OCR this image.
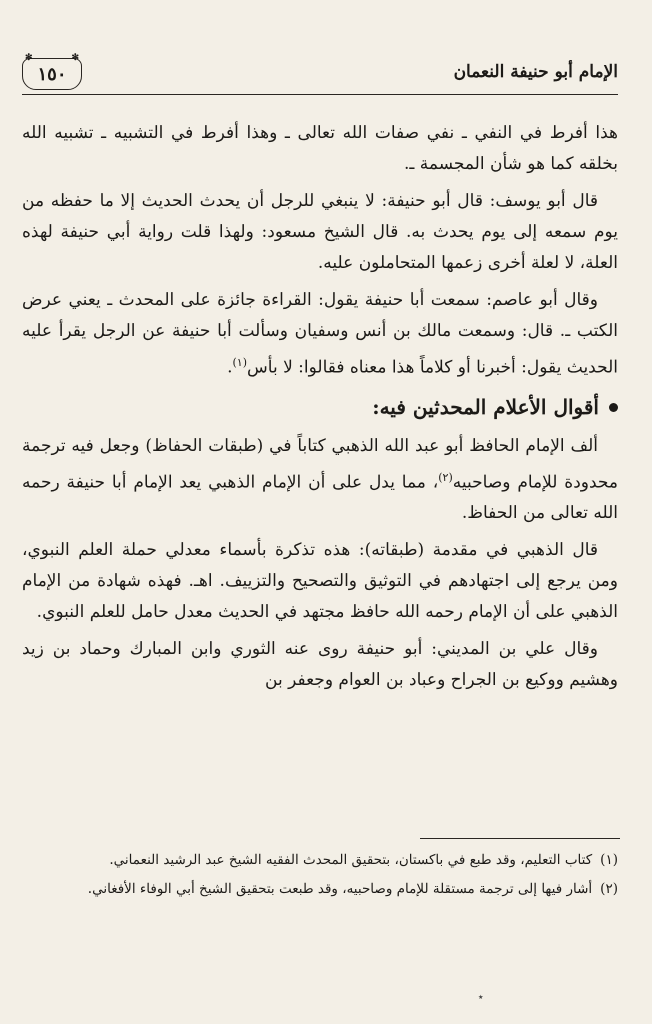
الإمام أبو حنيفة النعمان
✻
١٥٠
✻

هذا أفرط في النفي ـ نفي صفات الله تعالى ـ وهذا أفرط في التشبيه ـ تشبيه الله بخلقه كما هو شأن المجسمة ـ.

قال أبو يوسف: قال أبو حنيفة: لا ينبغي للرجل أن يحدث الحديث إلا ما حفظه من يوم سمعه إلى يوم يحدث به. قال الشيخ مسعود: ولهذا قلت رواية أبي حنيفة لهذه العلة، لا لعلة أخرى زعمها المتحاملون عليه.

وقال أبو عاصم: سمعت أبا حنيفة يقول: القراءة جائزة على المحدث ـ يعني عرض الكتب ـ. قال: وسمعت مالك بن أنس وسفيان وسألت أبا حنيفة عن الرجل يقرأ عليه الحديث يقول: أخبرنا أو كلاماً هذا معناه فقالوا: لا بأس$^{(١)}$.

أقوال الأعلام المحدثين فيه:

ألف الإمام الحافظ أبو عبد الله الذهبي كتاباً في (طبقات الحفاظ) وجعل فيه ترجمة محدودة للإمام وصاحبيه$^{(٢)}$، مما يدل على أن الإمام الذهبي يعد الإمام أبا حنيفة رحمه الله تعالى من الحفاظ.

قال الذهبي في مقدمة (طبقاته): هذه تذكرة بأسماء معدلي حملة العلم النبوي، ومن يرجع إلى اجتهادهم في التوثيق والتصحيح والتزييف. اهـ. فهذه شهادة من الإمام الذهبي على أن الإمام رحمه الله حافظ مجتهد في الحديث معدل حامل للعلم النبوي.

وقال علي بن المديني: أبو حنيفة روى عنه الثوري وابن المبارك وحماد بن زيد وهشيم ووكيع بن الجراح وعباد بن العوام وجعفر بن

(١)
كتاب التعليم، وقد طبع في باكستان، بتحقيق المحدث الفقيه الشيخ عبد الرشيد النعماني.
(٢)
أشار فيها إلى ترجمة مستقلة للإمام وصاحبيه، وقد طبعت بتحقيق الشيخ أبي الوفاء الأفغاني.
٭
